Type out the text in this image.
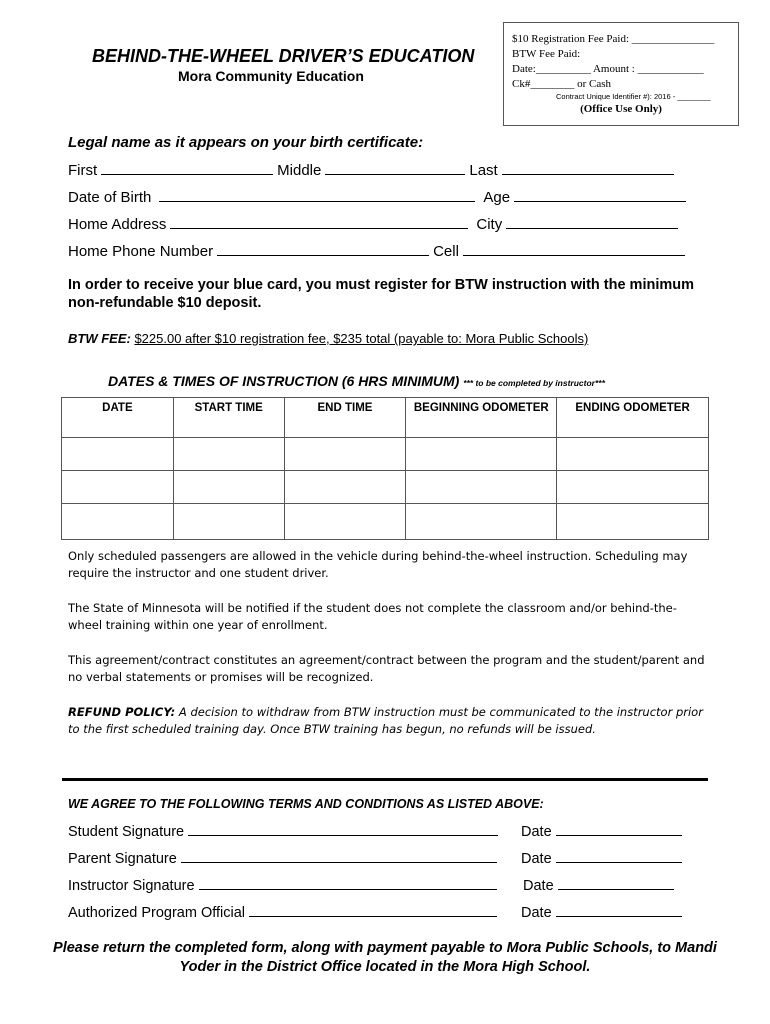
BEHIND-THE-WHEEL DRIVER’S EDUCATION
Mora Community Education
$10 Registration Fee Paid: _______________
BTW Fee Paid:
Date:__________ Amount : ____________
Ck#________ or Cash
Contract Unique Identifier #): 2016 - ________
(Office Use Only)
Legal name as it appears on your birth certificate:
First	Middle	Last
Date of Birth	Age
Home Address	City
Home Phone Number	Cell
In order to receive your blue card, you must register for BTW instruction with the minimum non-refundable $10 deposit.
BTW FEE: $225.00 after $10 registration fee, $235 total (payable to: Mora Public Schools)
DATES & TIMES OF INSTRUCTION (6 HRS MINIMUM) *** to be completed by instructor***
DATE	START TIME	END TIME	BEGINNING ODOMETER	ENDING ODOMETER

Only scheduled passengers are allowed in the vehicle during behind-the-wheel instruction. Scheduling may require the instructor and one student driver.
The State of Minnesota will be notified if the student does not complete the classroom and/or behind-the-wheel training within one year of enrollment.
This agreement/contract constitutes an agreement/contract between the program and the student/parent and no verbal statements or promises will be recognized.
REFUND POLICY: A decision to withdraw from BTW instruction must be communicated to the instructor prior to the first scheduled training day. Once BTW training has begun, no refunds will be issued.
WE AGREE TO THE FOLLOWING TERMS AND CONDITIONS AS LISTED ABOVE:
Student Signature	Date
Parent Signature	Date
Instructor Signature	Date
Authorized Program Official	Date
Please return the completed form, along with payment payable to Mora Public Schools, to Mandi Yoder in the District Office located in the Mora High School.
